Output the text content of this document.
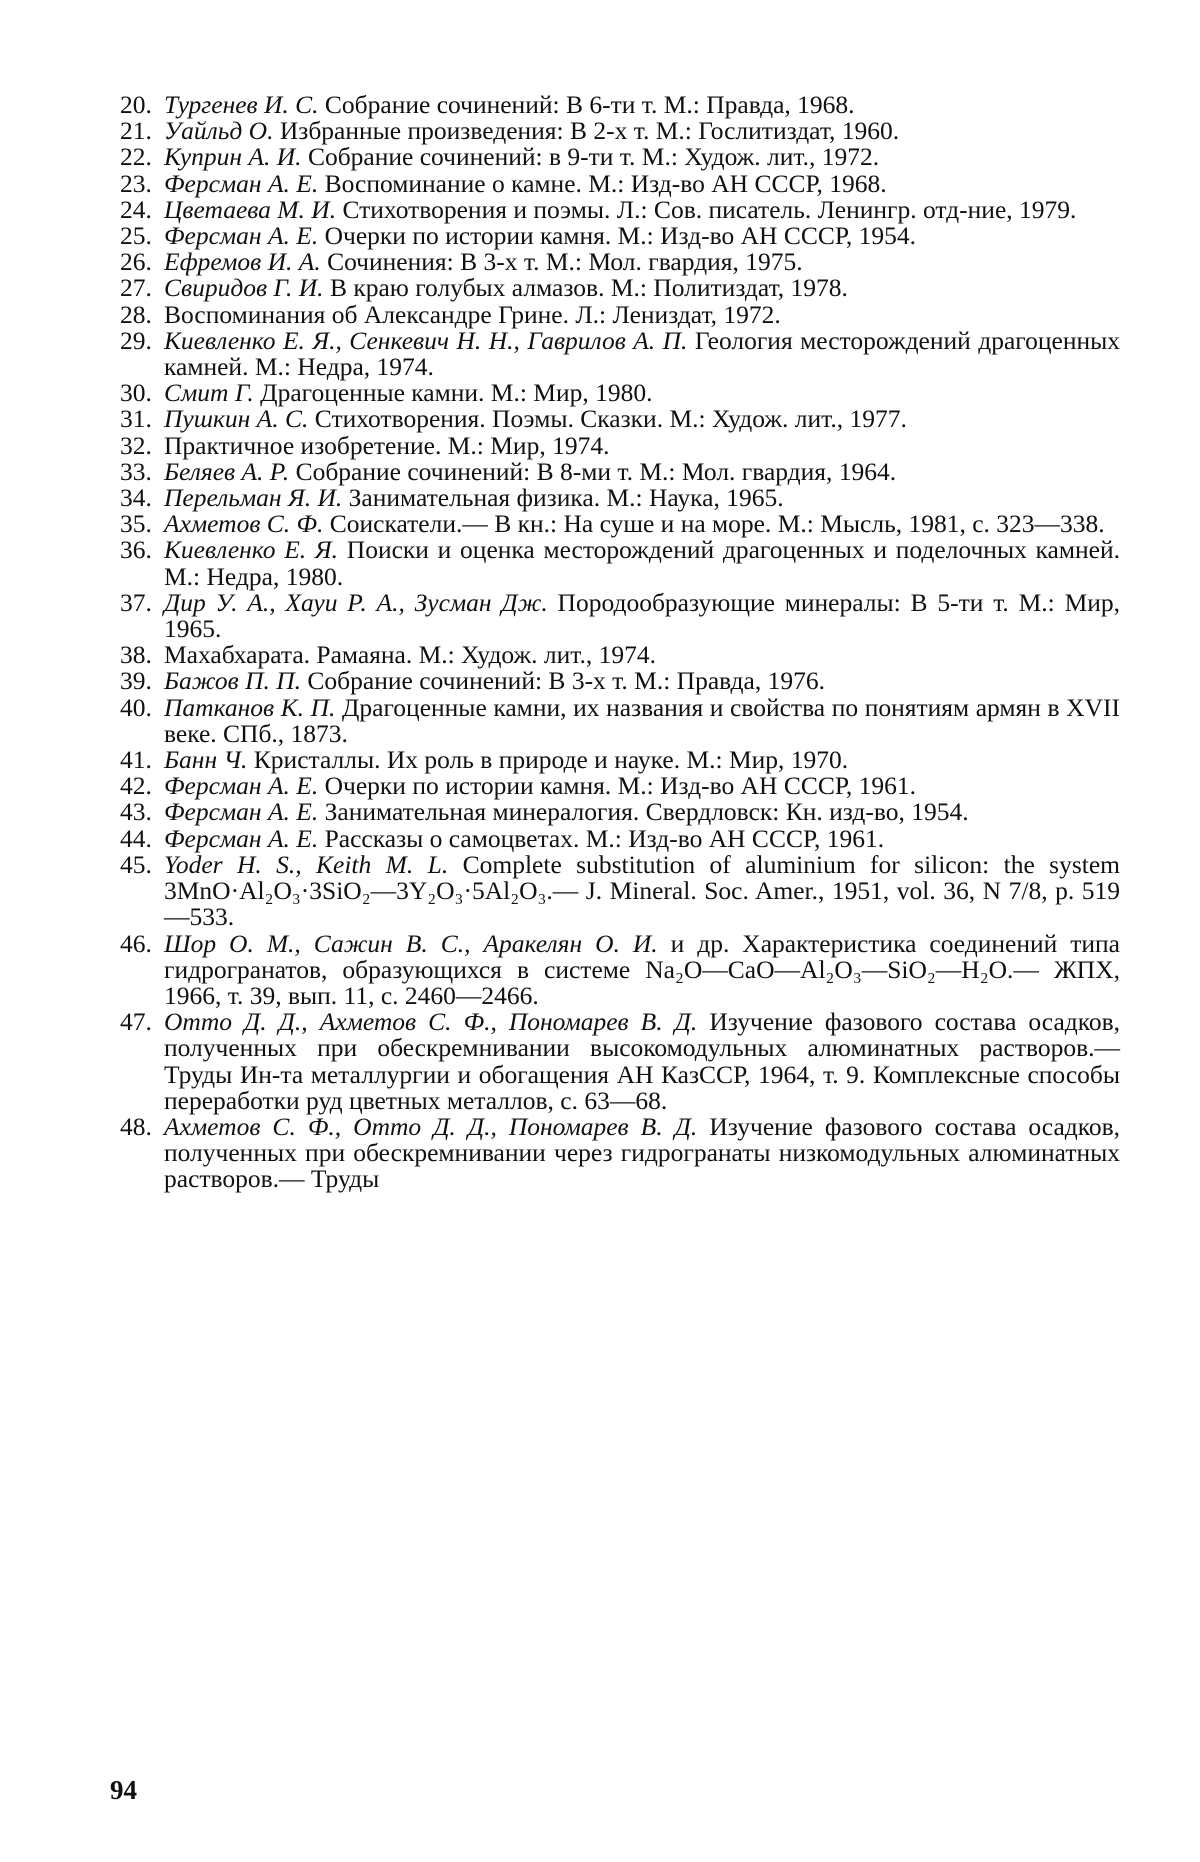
20. Тургенев И. С. Собрание сочинений: В 6-ти т. М.: Правда, 1968.
21. Уайльд О. Избранные произведения: В 2-х т. М.: Гослитиздат, 1960.
22. Куприн А. И. Собрание сочинений: в 9-ти т. М.: Худож. лит., 1972.
23. Ферсман А. Е. Воспоминание о камне. М.: Изд-во АН СССР, 1968.
24. Цветаева М. И. Стихотворения и поэмы. Л.: Сов. писатель. Ленингр. отд-ние, 1979.
25. Ферсман А. Е. Очерки по истории камня. М.: Изд-во АН СССР, 1954.
26. Ефремов И. А. Сочинения: В 3-х т. М.: Мол. гвардия, 1975.
27. Свиридов Г. И. В краю голубых алмазов. М.: Политиздат, 1978.
28. Воспоминания об Александре Грине. Л.: Лениздат, 1972.
29. Киевленко Е. Я., Сенкевич Н. Н., Гаврилов А. П. Геология месторождений драгоценных камней. М.: Недра, 1974.
30. Смит Г. Драгоценные камни. М.: Мир, 1980.
31. Пушкин А. С. Стихотворения. Поэмы. Сказки. М.: Худож. лит., 1977.
32. Практичное изобретение. М.: Мир, 1974.
33. Беляев А. Р. Собрание сочинений: В 8-ми т. М.: Мол. гвардия, 1964.
34. Перельман Я. И. Занимательная физика. М.: Наука, 1965.
35. Ахметов С. Ф. Соискатели.— В кн.: На суше и на море. М.: Мысль, 1981, с. 323—338.
36. Киевленко Е. Я. Поиски и оценка месторождений драгоценных и поделочных камней. М.: Недра, 1980.
37. Дир У. А., Хауи Р. А., Зусман Дж. Породообразующие минералы: В 5-ти т. М.: Мир, 1965.
38. Махабхарата. Рамаяна. М.: Худож. лит., 1974.
39. Бажов П. П. Собрание сочинений: В 3-х т. М.: Правда, 1976.
40. Патканов К. П. Драгоценные камни, их названия и свойства по понятиям армян в XVII веке. СПб., 1873.
41. Банн Ч. Кристаллы. Их роль в природе и науке. М.: Мир, 1970.
42. Ферсман А. Е. Очерки по истории камня. М.: Изд-во АН СССР, 1961.
43. Ферсман А. Е. Занимательная минералогия. Свердловск: Кн. изд-во, 1954.
44. Ферсман А. Е. Рассказы о самоцветах. М.: Изд-во АН СССР, 1961.
45. Yoder H. S., Keith M. L. Complete substitution of aluminium for silicon: the system 3MnO·Al₂O₃·3SiO₂—3Y₂O₃·5Al₂O₃.— J. Mineral. Soc. Amer., 1951, vol. 36, N 7/8, p. 519—533.
46. Шор О. М., Сажин В. С., Аракелян О. И. и др. Характеристика соединений типа гидрогранатов, образующихся в системе Na₂O—CaO—Al₂O₃—SiO₂—H₂O.— ЖПХ, 1966, т. 39, вып. 11, с. 2460—2466.
47. Отто Д. Д., Ахметов С. Ф., Пономарев В. Д. Изучение фазового состава осадков, полученных при обескремнивании высокомодульных алюминатных растворов.— Труды Ин-та металлургии и обогащения АН КазССР, 1964, т. 9. Комплексные способы переработки руд цветных металлов, с. 63—68.
48. Ахметов С. Ф., Отто Д. Д., Пономарев В. Д. Изучение фазового состава осадков, полученных при обескремнивании через гидрогранаты низкомодульных алюминатных растворов.— Труды
94
